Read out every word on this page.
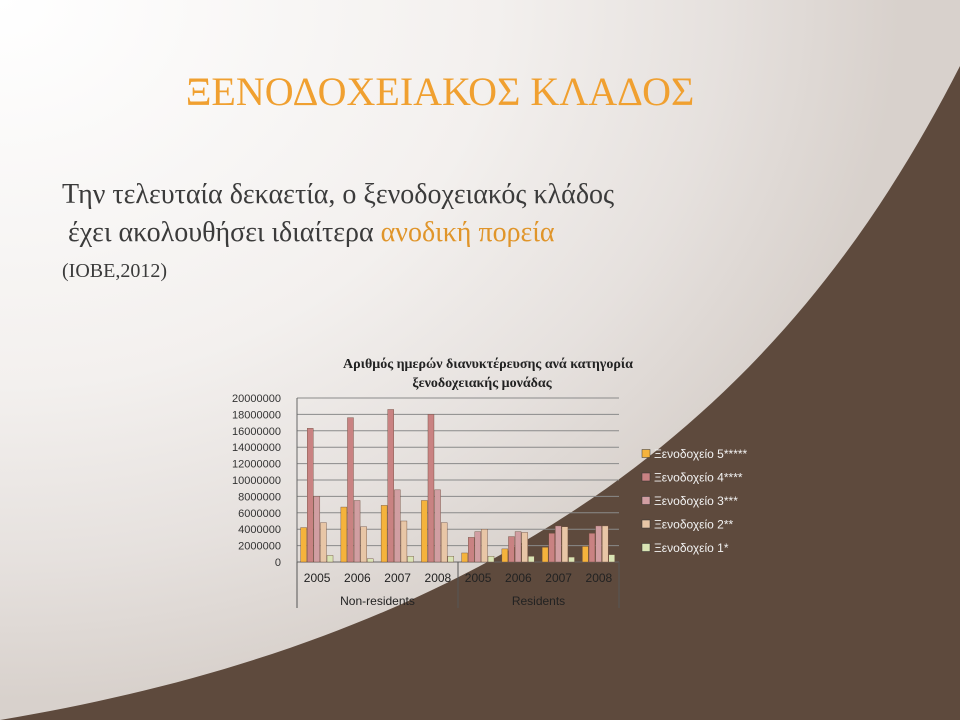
ΞΕΝΟΔΟΧΕΙΑΚΟΣ ΚΛΑΔΟΣ
Την τελευταία δεκαετία, ο ξενοδοχειακός κλάδος
έχει ακολουθήσει ιδιαίτερα ανοδική πορεία
(IOBE,2012)
Αριθμός ημερών διανυκτέρευσης ανά κατηγορία
ξενοδοχειακής μονάδας
0
2000000
4000000
6000000
8000000
10000000
12000000
14000000
16000000
18000000
20000000
2005 2006 2007 2008 2005 2006 2007 2008
Non-residents	Residents
Ξενοδοχείο 5*****
Ξενοδοχείο 4****
Ξενοδοχείο 3***
Ξενοδοχείο 2**
Ξενοδοχείο 1*
